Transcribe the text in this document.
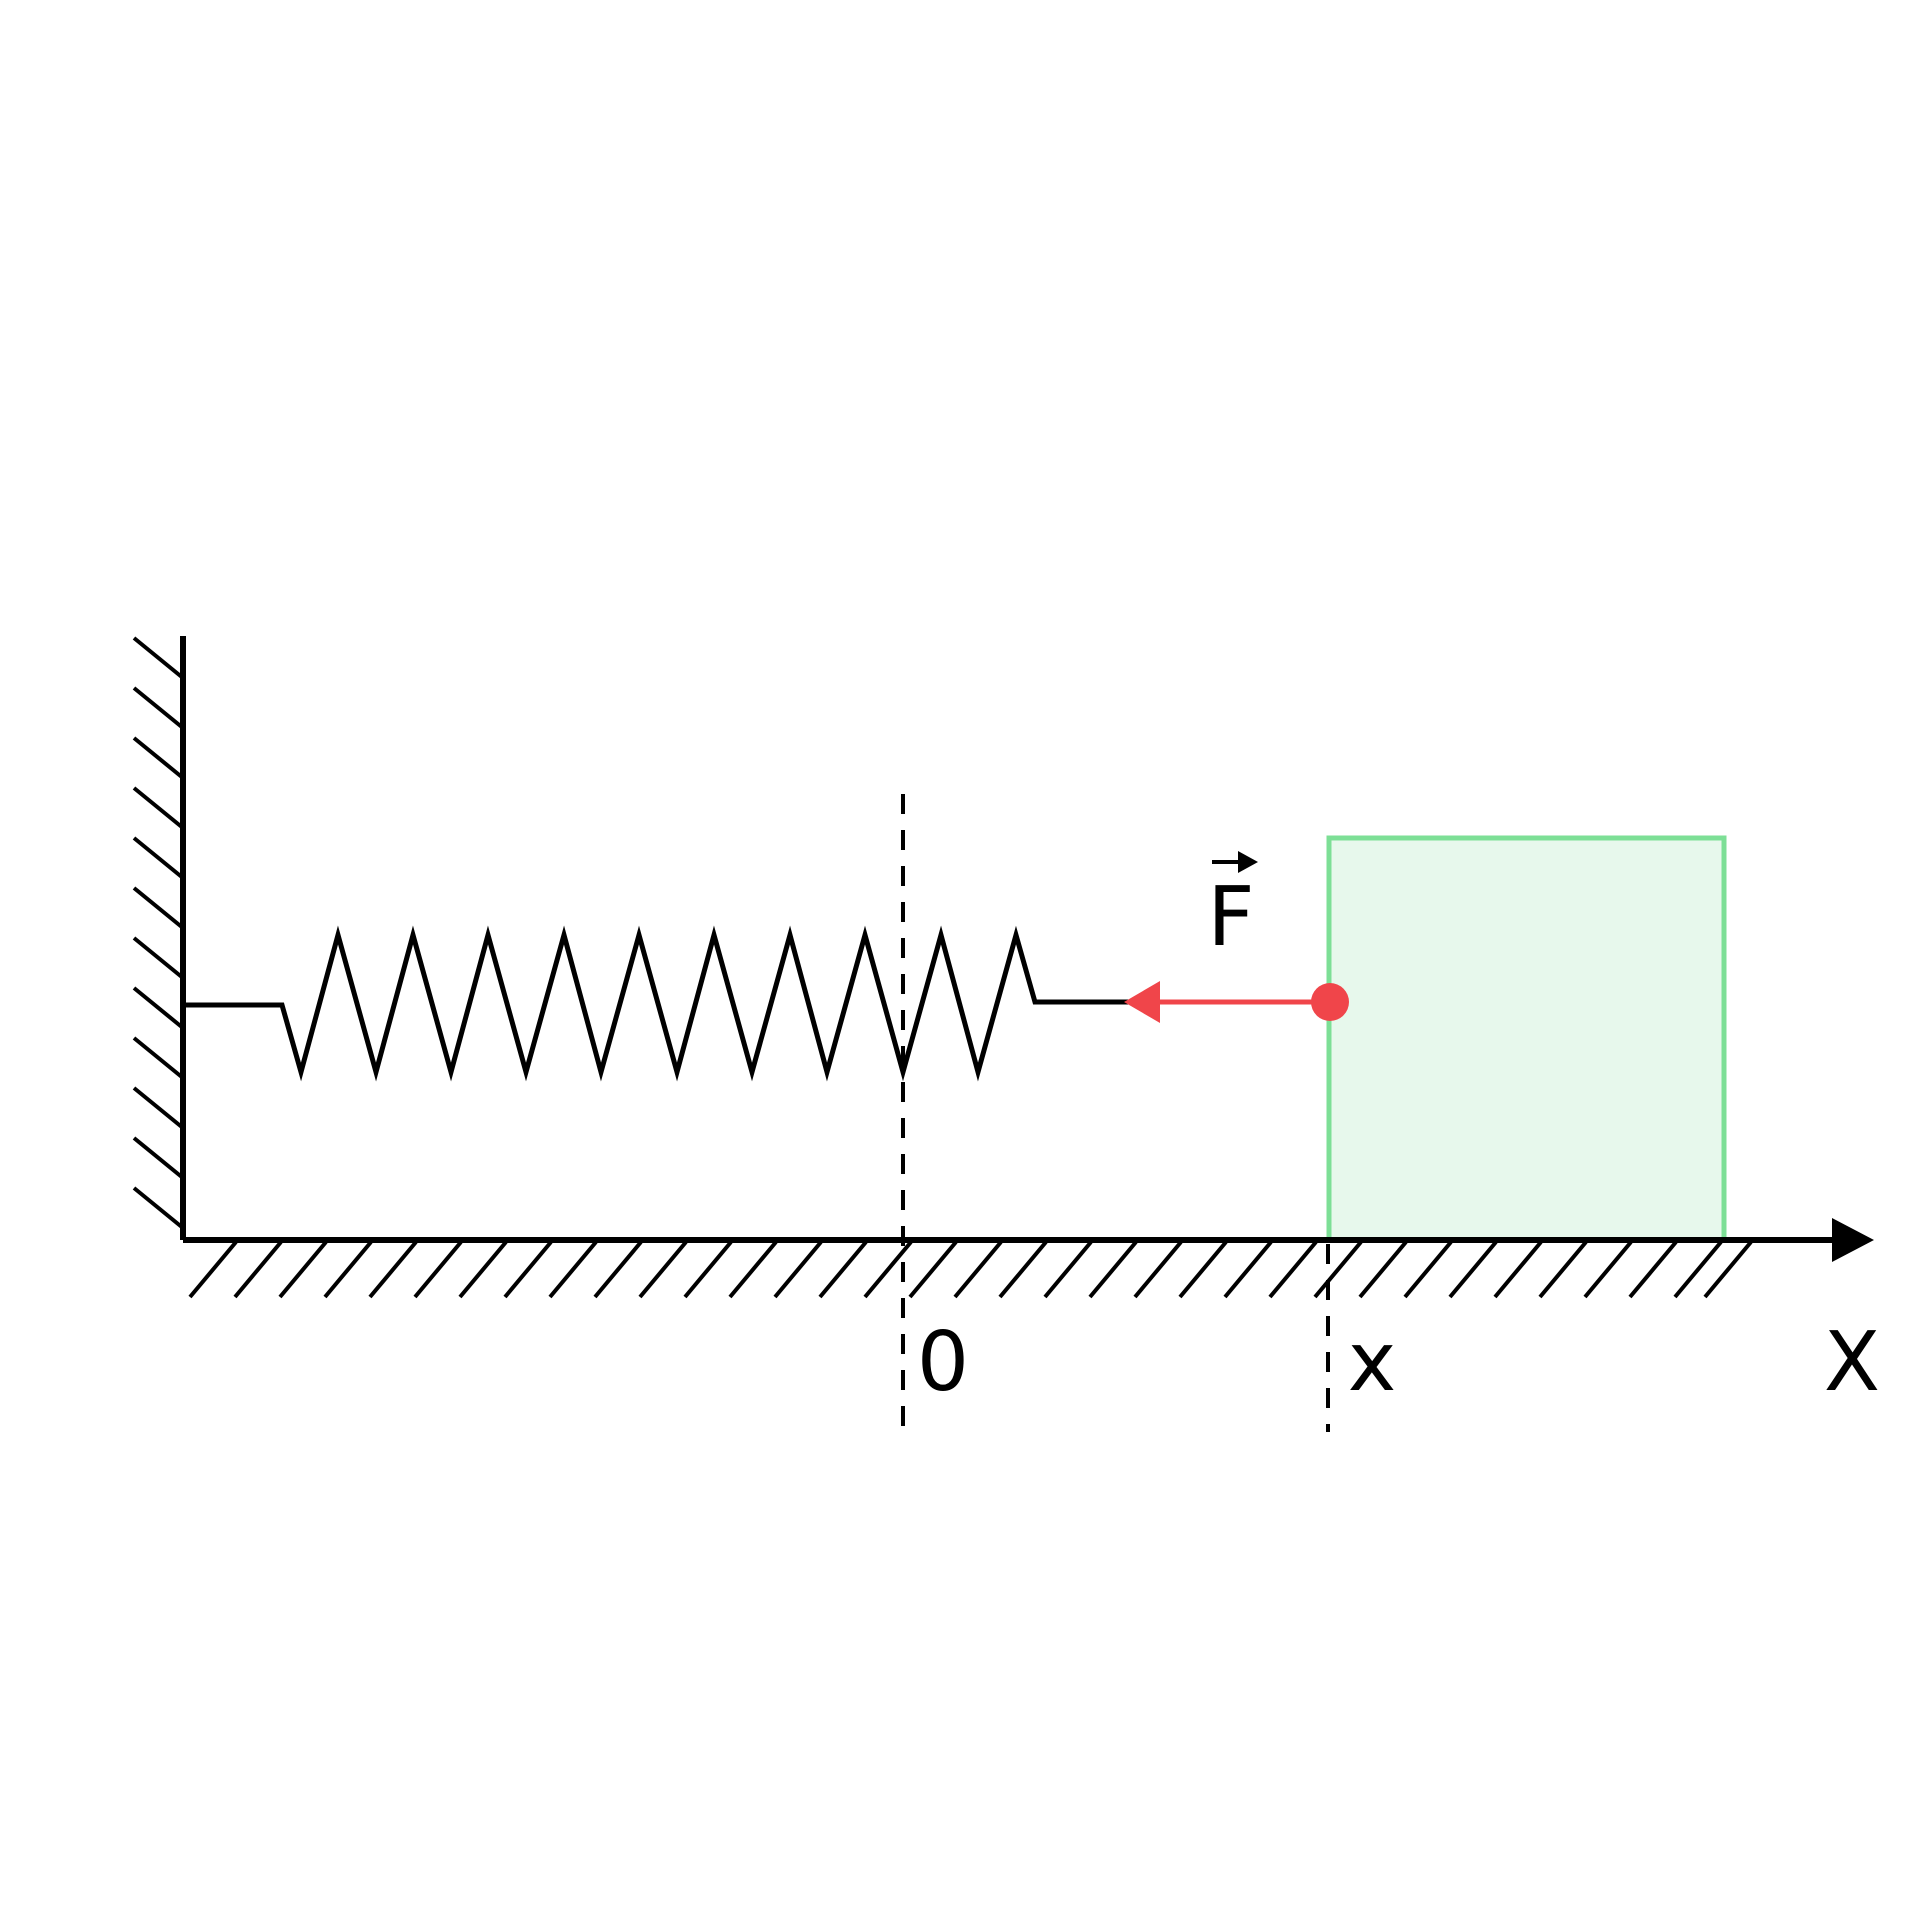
F
0	x	X
